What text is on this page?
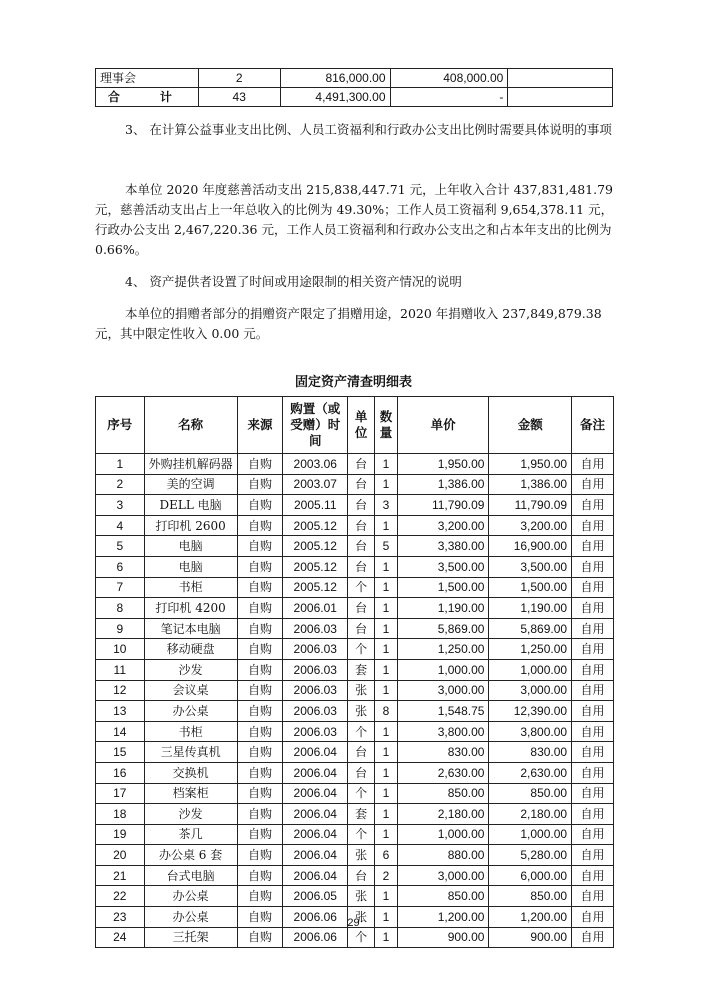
理事会	2	816,000.00	408,000.00	
合　计	43	4,491,300.00	-	

3、 在计算公益事业支出比例、人员工资福利和行政办公支出比例时需要具体说明的事项

本单位 2020 年度慈善活动支出 215,838,447.71 元，上年收入合计 437,831,481.79 元，慈善活动支出占上一年总收入的比例为 49.30%；工作人员工资福利 9,654,378.11 元，行政办公支出 2,467,220.36 元，工作人员工资福利和行政办公支出之和占本年支出的比例为 0.66%。

4、 资产提供者设置了时间或用途限制的相关资产情况的说明

本单位的捐赠者部分的捐赠资产限定了捐赠用途，2020 年捐赠收入 237,849,879.38 元，其中限定性收入 0.00 元。

固定资产清查明细表
序号	名称	来源	购置（或受赠）时间	单位	数量	单价	金额	备注
1	外购挂机解码器	自购	2003.06	台	1	1,950.00	1,950.00	自用
2	美的空调	自购	2003.07	台	1	1,386.00	1,386.00	自用
3	DELL 电脑	自购	2005.11	台	3	11,790.09	11,790.09	自用
4	打印机 2600	自购	2005.12	台	1	3,200.00	3,200.00	自用
5	电脑	自购	2005.12	台	5	3,380.00	16,900.00	自用
6	电脑	自购	2005.12	台	1	3,500.00	3,500.00	自用
7	书柜	自购	2005.12	个	1	1,500.00	1,500.00	自用
8	打印机 4200	自购	2006.01	台	1	1,190.00	1,190.00	自用
9	笔记本电脑	自购	2006.03	台	1	5,869.00	5,869.00	自用
10	移动硬盘	自购	2006.03	个	1	1,250.00	1,250.00	自用
11	沙发	自购	2006.03	套	1	1,000.00	1,000.00	自用
12	会议桌	自购	2006.03	张	1	3,000.00	3,000.00	自用
13	办公桌	自购	2006.03	张	8	1,548.75	12,390.00	自用
14	书柜	自购	2006.03	个	1	3,800.00	3,800.00	自用
15	三星传真机	自购	2006.04	台	1	830.00	830.00	自用
16	交换机	自购	2006.04	台	1	2,630.00	2,630.00	自用
17	档案柜	自购	2006.04	个	1	850.00	850.00	自用
18	沙发	自购	2006.04	套	1	2,180.00	2,180.00	自用
19	茶几	自购	2006.04	个	1	1,000.00	1,000.00	自用
20	办公桌 6 套	自购	2006.04	张	6	880.00	5,280.00	自用
21	台式电脑	自购	2006.04	台	2	3,000.00	6,000.00	自用
22	办公桌	自购	2006.05	张	1	850.00	850.00	自用
23	办公桌	自购	2006.06	张	1	1,200.00	1,200.00	自用
24	三托架	自购	2006.06	个	1	900.00	900.00	自用
29
